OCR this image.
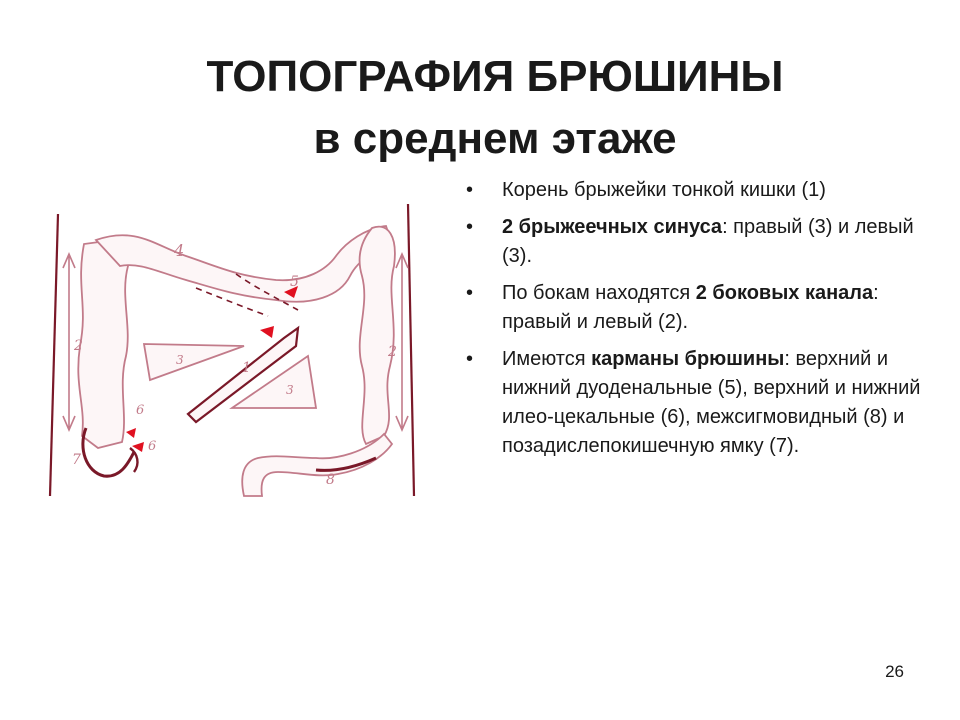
ТОПОГРАФИЯ БРЮШИНЫ
в среднем этаже
1
2	2
3
3
4
5
6
6
7
8
• Корень брыжейки тонкой кишки (1)
• 2 брыжеечных синуса: правый (3) и левый (3).
• По бокам находятся 2 боковых канала: правый и левый (2).
• Имеются карманы брюшины: верхний и нижний дуоденальные (5), верхний и нижний илео-цекальные (6), межсигмовидный (8) и позадислепокишечную ямку (7).
26
